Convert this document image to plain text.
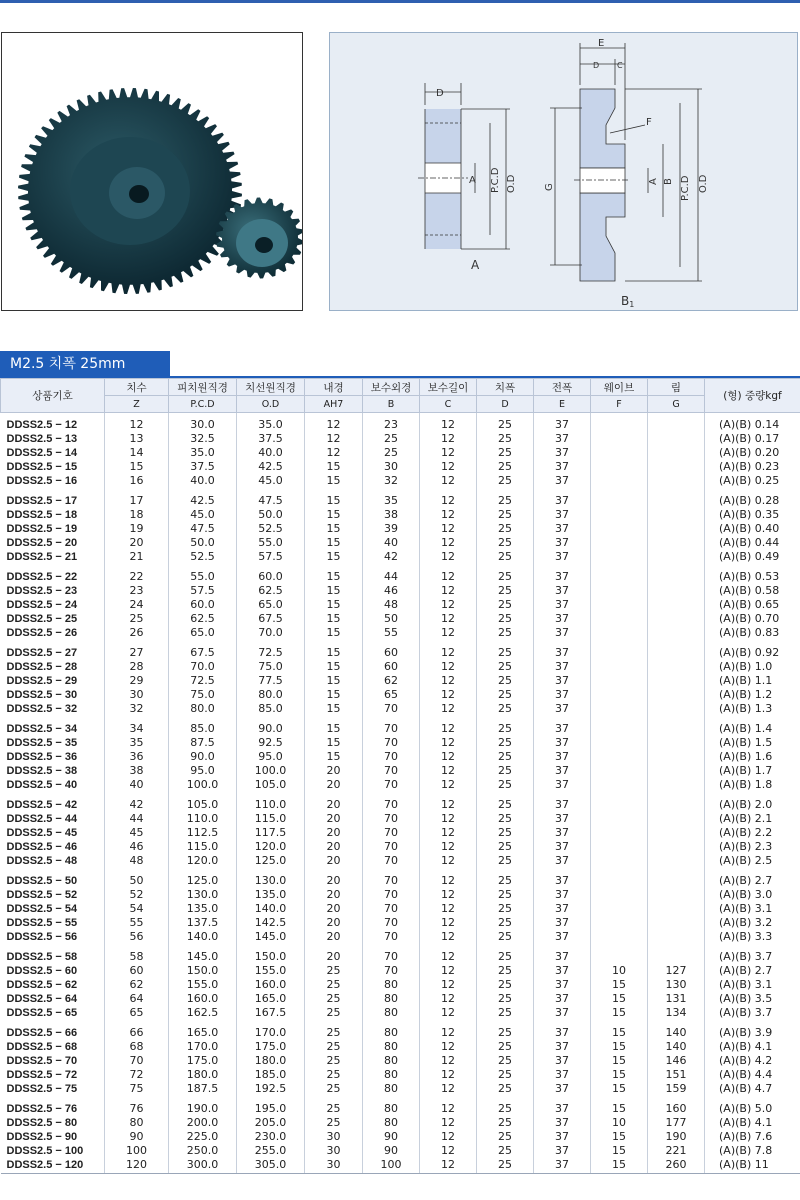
D
A P.C.D O.D
A
E
D C
F
G
A B P.C.D O.D
B1
M2.5 치폭 25mm
상품기호	치수	피치원직경	치선원직경	내경	보수외경	보수길이	치폭	전폭	웨이브	림	(형) 중량kgf
	Z	P.C.D	O.D	AH7	B	C	D	E	F	G	

DDSS2.5 − 12	12	30.0	35.0	12	23	12	25	37			(A)(B) 0.14
DDSS2.5 − 13	13	32.5	37.5	12	25	12	25	37			(A)(B) 0.17
DDSS2.5 − 14	14	35.0	40.0	12	25	12	25	37			(A)(B) 0.20
DDSS2.5 − 15	15	37.5	42.5	15	30	12	25	37			(A)(B) 0.23
DDSS2.5 − 16	16	40.0	45.0	15	32	12	25	37			(A)(B) 0.25

DDSS2.5 − 17	17	42.5	47.5	15	35	12	25	37			(A)(B) 0.28
DDSS2.5 − 18	18	45.0	50.0	15	38	12	25	37			(A)(B) 0.35
DDSS2.5 − 19	19	47.5	52.5	15	39	12	25	37			(A)(B) 0.40
DDSS2.5 − 20	20	50.0	55.0	15	40	12	25	37			(A)(B) 0.44
DDSS2.5 − 21	21	52.5	57.5	15	42	12	25	37			(A)(B) 0.49

DDSS2.5 − 22	22	55.0	60.0	15	44	12	25	37			(A)(B) 0.53
DDSS2.5 − 23	23	57.5	62.5	15	46	12	25	37			(A)(B) 0.58
DDSS2.5 − 24	24	60.0	65.0	15	48	12	25	37			(A)(B) 0.65
DDSS2.5 − 25	25	62.5	67.5	15	50	12	25	37			(A)(B) 0.70
DDSS2.5 − 26	26	65.0	70.0	15	55	12	25	37			(A)(B) 0.83

DDSS2.5 − 27	27	67.5	72.5	15	60	12	25	37			(A)(B) 0.92
DDSS2.5 − 28	28	70.0	75.0	15	60	12	25	37			(A)(B) 1.0
DDSS2.5 − 29	29	72.5	77.5	15	62	12	25	37			(A)(B) 1.1
DDSS2.5 − 30	30	75.0	80.0	15	65	12	25	37			(A)(B) 1.2
DDSS2.5 − 32	32	80.0	85.0	15	70	12	25	37			(A)(B) 1.3

DDSS2.5 − 34	34	85.0	90.0	15	70	12	25	37			(A)(B) 1.4
DDSS2.5 − 35	35	87.5	92.5	15	70	12	25	37			(A)(B) 1.5
DDSS2.5 − 36	36	90.0	95.0	15	70	12	25	37			(A)(B) 1.6
DDSS2.5 − 38	38	95.0	100.0	20	70	12	25	37			(A)(B) 1.7
DDSS2.5 − 40	40	100.0	105.0	20	70	12	25	37			(A)(B) 1.8

DDSS2.5 − 42	42	105.0	110.0	20	70	12	25	37			(A)(B) 2.0
DDSS2.5 − 44	44	110.0	115.0	20	70	12	25	37			(A)(B) 2.1
DDSS2.5 − 45	45	112.5	117.5	20	70	12	25	37			(A)(B) 2.2
DDSS2.5 − 46	46	115.0	120.0	20	70	12	25	37			(A)(B) 2.3
DDSS2.5 − 48	48	120.0	125.0	20	70	12	25	37			(A)(B) 2.5

DDSS2.5 − 50	50	125.0	130.0	20	70	12	25	37			(A)(B) 2.7
DDSS2.5 − 52	52	130.0	135.0	20	70	12	25	37			(A)(B) 3.0
DDSS2.5 − 54	54	135.0	140.0	20	70	12	25	37			(A)(B) 3.1
DDSS2.5 − 55	55	137.5	142.5	20	70	12	25	37			(A)(B) 3.2
DDSS2.5 − 56	56	140.0	145.0	20	70	12	25	37			(A)(B) 3.3

DDSS2.5 − 58	58	145.0	150.0	20	70	12	25	37			(A)(B) 3.7
DDSS2.5 − 60	60	150.0	155.0	25	70	12	25	37	10	127	(A)(B) 2.7
DDSS2.5 − 62	62	155.0	160.0	25	80	12	25	37	15	130	(A)(B) 3.1
DDSS2.5 − 64	64	160.0	165.0	25	80	12	25	37	15	131	(A)(B) 3.5
DDSS2.5 − 65	65	162.5	167.5	25	80	12	25	37	15	134	(A)(B) 3.7

DDSS2.5 − 66	66	165.0	170.0	25	80	12	25	37	15	140	(A)(B) 3.9
DDSS2.5 − 68	68	170.0	175.0	25	80	12	25	37	15	140	(A)(B) 4.1
DDSS2.5 − 70	70	175.0	180.0	25	80	12	25	37	15	146	(A)(B) 4.2
DDSS2.5 − 72	72	180.0	185.0	25	80	12	25	37	15	151	(A)(B) 4.4
DDSS2.5 − 75	75	187.5	192.5	25	80	12	25	37	15	159	(A)(B) 4.7

DDSS2.5 − 76	76	190.0	195.0	25	80	12	25	37	15	160	(A)(B) 5.0
DDSS2.5 − 80	80	200.0	205.0	25	80	12	25	37	10	177	(A)(B) 4.1
DDSS2.5 − 90	90	225.0	230.0	30	90	12	25	37	15	190	(A)(B) 7.6
DDSS2.5 − 100	100	250.0	255.0	30	90	12	25	37	15	221	(A)(B) 7.8
DDSS2.5 − 120	120	300.0	305.0	30	100	12	25	37	15	260	(A)(B) 11
